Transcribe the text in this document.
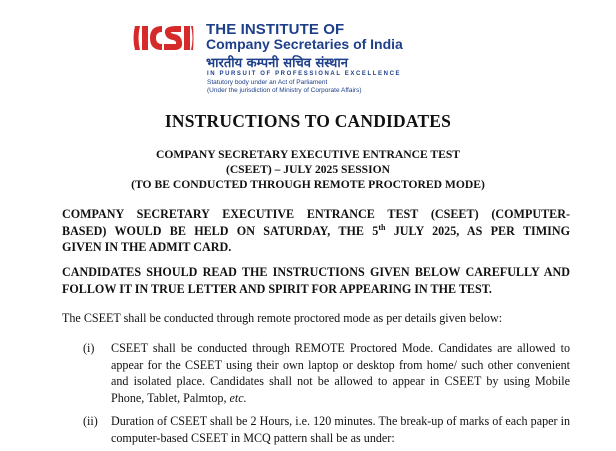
THE INSTITUTE OF
Company Secretaries of India
भारतीय कम्पनी सचिव संस्थान
IN PURSUIT OF PROFESSIONAL EXCELLENCE
Statutory body under an Act of Parliament
(Under the jurisdiction of Ministry of Corporate Affairs)
INSTRUCTIONS TO CANDIDATES
COMPANY SECRETARY EXECUTIVE ENTRANCE TEST
(CSEET) – JULY 2025 SESSION
(TO BE CONDUCTED THROUGH REMOTE PROCTORED MODE)
COMPANY SECRETARY EXECUTIVE ENTRANCE TEST (CSEET) (COMPUTER-
BASED) WOULD BE HELD ON SATURDAY, THE 5th JULY 2025, AS PER TIMING
GIVEN IN THE ADMIT CARD.
CANDIDATES SHOULD READ THE INSTRUCTIONS GIVEN BELOW CAREFULLY AND FOLLOW IT IN TRUE LETTER AND SPIRIT FOR APPEARING IN THE TEST.
The CSEET shall be conducted through remote proctored mode as per details given below:
(i) CSEET shall be conducted through REMOTE Proctored Mode. Candidates are allowed to appear for the CSEET using their own laptop or desktop from home/ such other convenient and isolated place. Candidates shall not be allowed to appear in CSEET by using Mobile Phone, Tablet, Palmtop, etc.
(ii) Duration of CSEET shall be 2 Hours, i.e. 120 minutes. The break-up of marks of each paper in computer-based CSEET in MCQ pattern shall be as under:
